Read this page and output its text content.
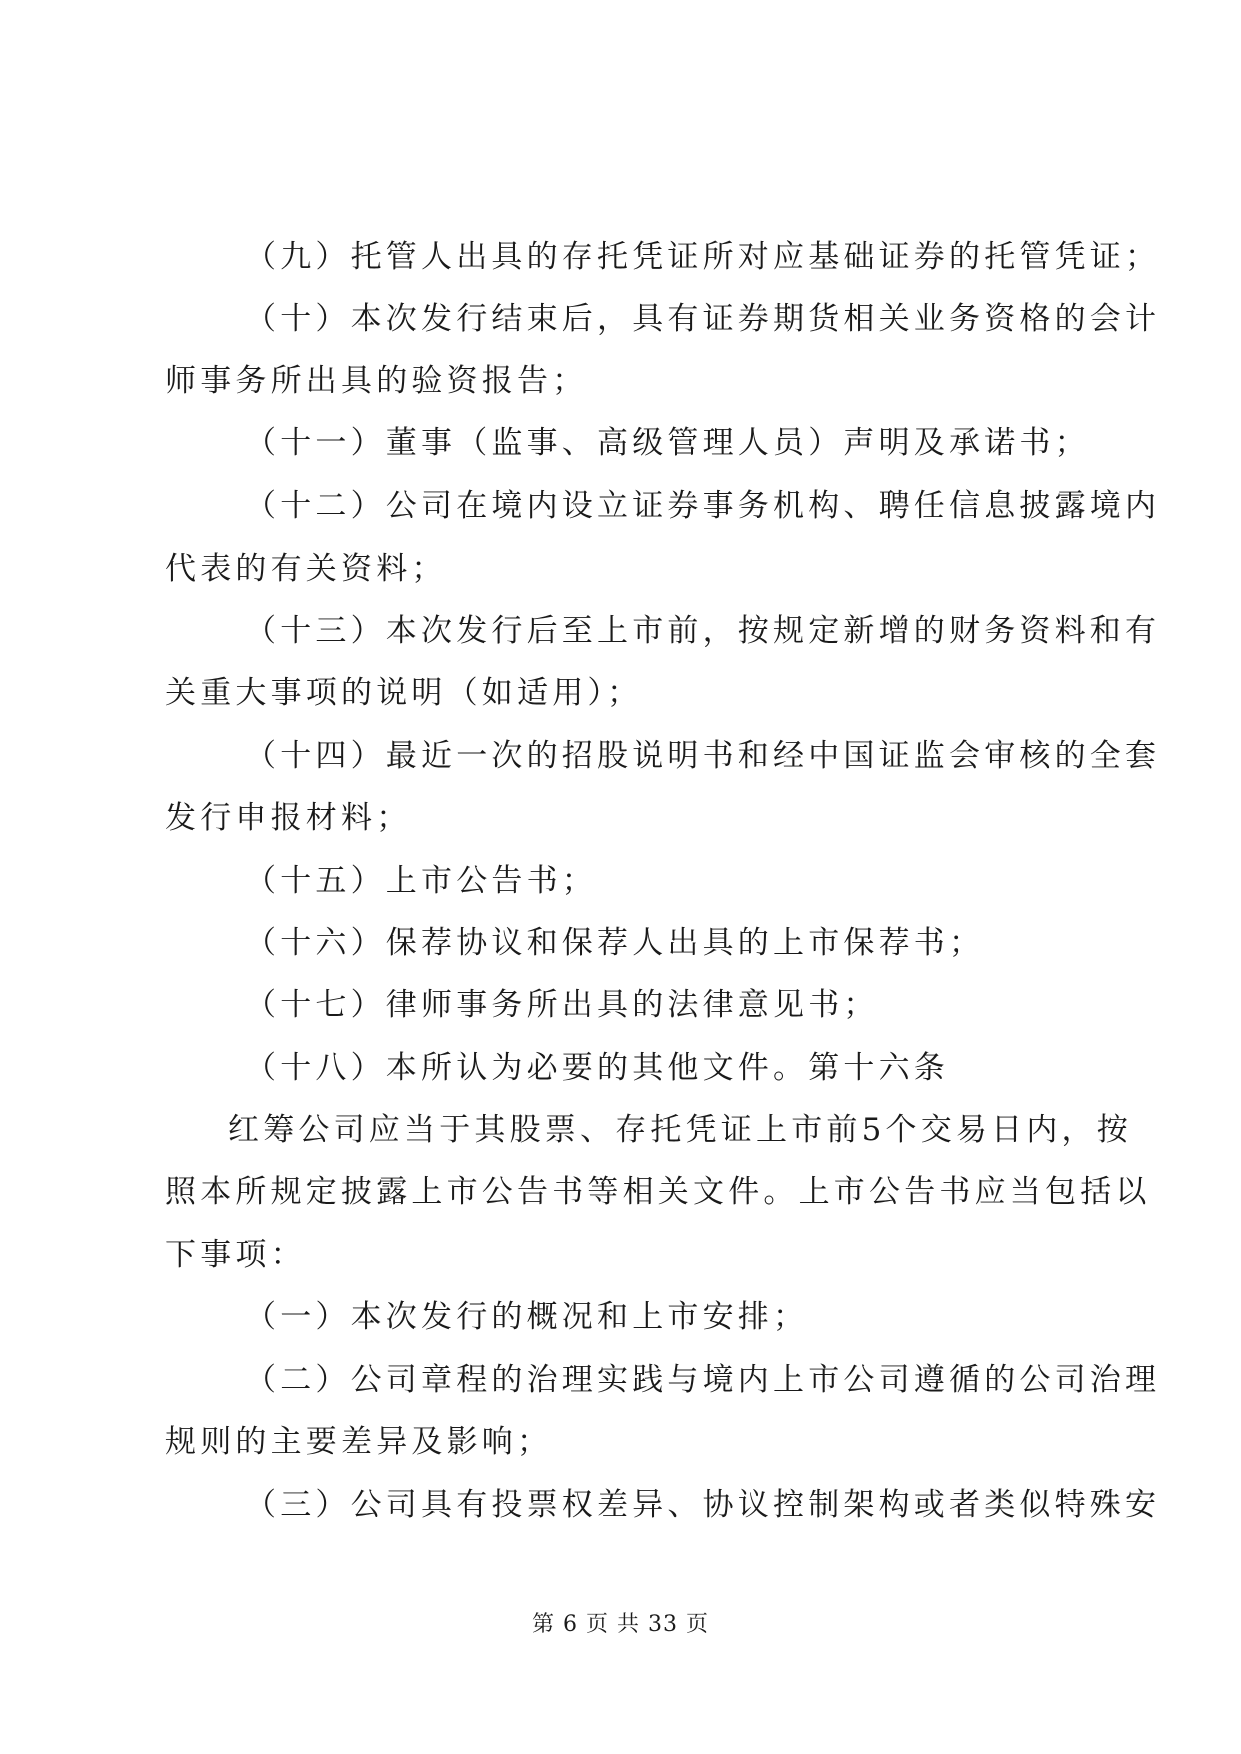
（九）托管人出具的存托凭证所对应基础证券的托管凭证；
（十）本次发行结束后，具有证券期货相关业务资格的会计
师事务所出具的验资报告；
（十一）董事（监事、高级管理人员）声明及承诺书；
（十二）公司在境内设立证券事务机构、聘任信息披露境内
代表的有关资料；
（十三）本次发行后至上市前，按规定新增的财务资料和有
关重大事项的说明（如适用）；
（十四）最近一次的招股说明书和经中国证监会审核的全套
发行申报材料；
（十五）上市公告书；
（十六）保荐协议和保荐人出具的上市保荐书；
（十七）律师事务所出具的法律意见书；
（十八）本所认为必要的其他文件。第十六条
红筹公司应当于其股票、存托凭证上市前5个交易日内，按
照本所规定披露上市公告书等相关文件。上市公告书应当包括以
下事项：
（一）本次发行的概况和上市安排；
（二）公司章程的治理实践与境内上市公司遵循的公司治理
规则的主要差异及影响；
（三）公司具有投票权差异、协议控制架构或者类似特殊安
第 6 页 共 33 页
